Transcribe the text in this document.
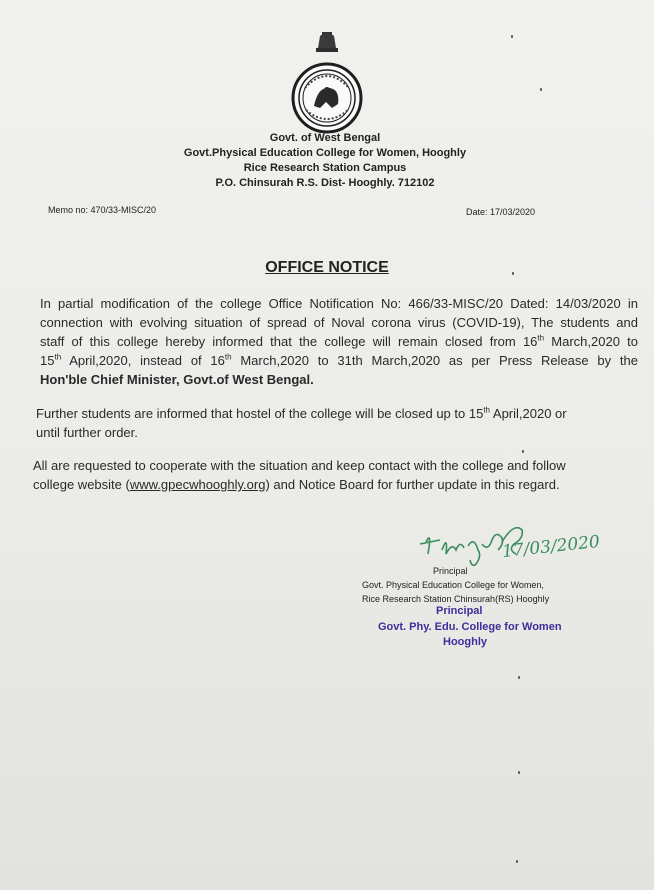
Govt. of West Bengal
Govt.Physical Education College for Women, Hooghly
Rice Research Station Campus
P.O. Chinsurah R.S. Dist- Hooghly. 712102
Memo no: 470/33-MISC/20	Date: 17/03/2020
OFFICE NOTICE
In partial modification of the college Office Notification No: 466/33-MISC/20 Dated: 14/03/2020 in
connection with evolving situation of spread of Noval corona virus (COVID-19), The students and
staff of this college hereby informed that the college will remain closed from 16th March,2020 to
15th April,2020, instead of 16th March,2020 to 31th March,2020 as per Press Release by the
Hon'ble Chief Minister, Govt.of West Bengal.
Further students are informed that hostel of the college will be closed up to 15th April,2020 or
until further order.
All are requested to cooperate with the situation and keep contact with the college and follow
college website (www.gpecwhooghly.org) and Notice Board for further update in this regard.
17/03/2020
Principal
Govt. Physical Education College for Women,
Rice Research Station Chinsurah(RS) Hooghly
Principal
Govt. Phy. Edu. College for Women
Hooghly
